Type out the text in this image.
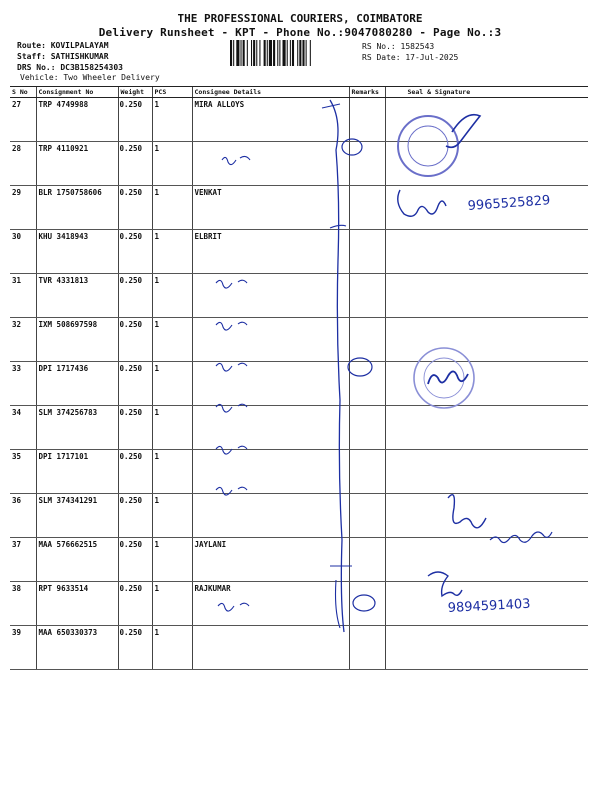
THE PROFESSIONAL COURIERS, COIMBATORE
Delivery Runsheet - KPT - Phone No.:9047080280 - Page No.:3
Route: KOVILPALAYAM
Staff: SATHISHKUMAR
DRS No.: DC3B158254303
Vehicle: Two Wheeler Delivery
RS No.: 1582543
RS Date: 17-Jul-2025
S No	Consignment No	Weight	PCS	Consignee Details	Remarks	Seal & Signature
27	TRP 4749988	0.250	1	MIRA ALLOYS		
28	TRP 4110921	0.250	1			
29	BLR 1750758606	0.250	1	VENKAT		
30	KHU 3418943	0.250	1	ELBRIT		
31	TVR 4331813	0.250	1			
32	IXM 508697598	0.250	1			
33	DPI 1717436	0.250	1			
34	SLM 374256783	0.250	1			
35	DPI 1717101	0.250	1			
36	SLM 374341291	0.250	1			
37	MAA 576662515	0.250	1	JAYLANI		
38	RPT 9633514	0.250	1	RAJKUMAR		
39	MAA 650330373	0.250	1			
9965525829
9894591403
